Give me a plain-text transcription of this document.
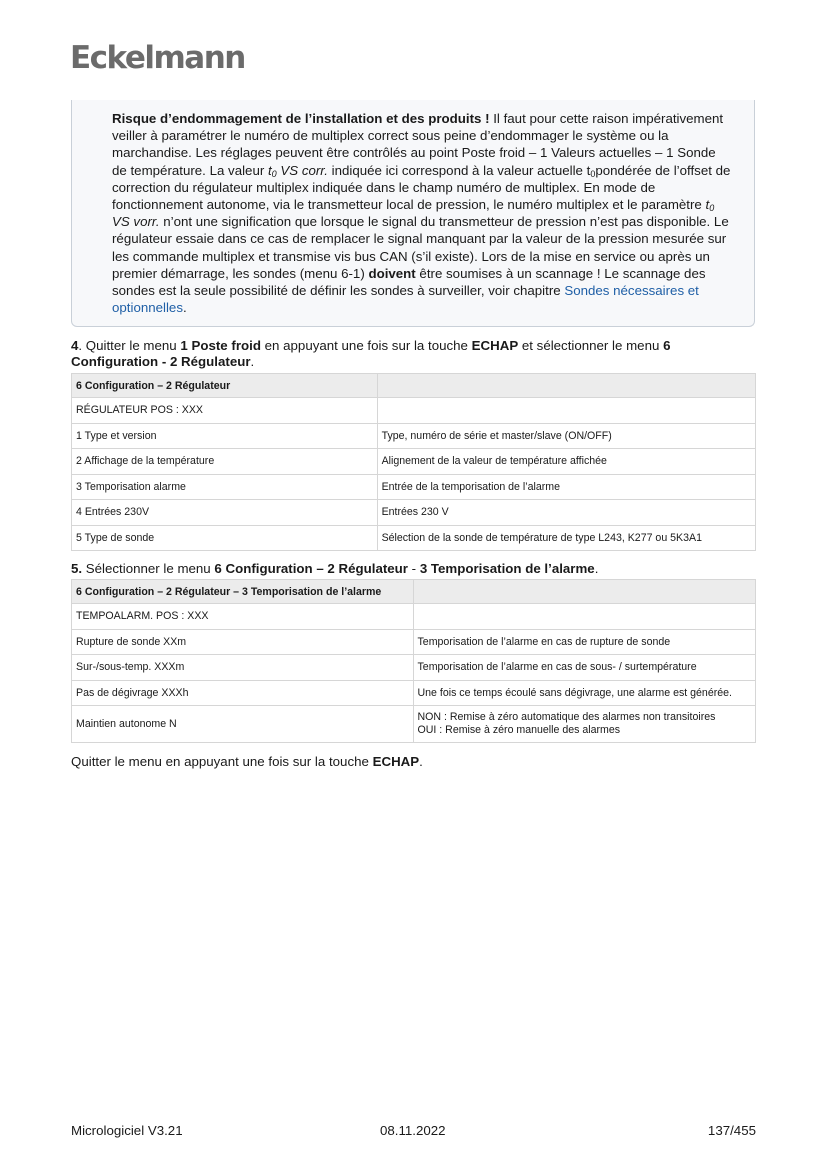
Eckelmann

Risque d’endommagement de l’installation et des produits ! Il faut pour cette raison impérativement veiller à paramétrer le numéro de multiplex correct sous peine d’endommager le système ou la marchandise. Les réglages peuvent être contrôlés au point Poste froid – 1 Valeurs actuelles – 1 Sonde de température. La valeur $t_0$ VS corr. indiquée ici correspond à la valeur actuelle $t_0pondérée$ de l’offset de correction du régulateur multiplex indiquée dans le champ numéro de multiplex. En mode de fonctionnement autonome, via le transmetteur local de pression, le numéro multiplex et le paramètre $t_0$ VS vorr. n’ont une signification que lorsque le signal du transmetteur de pression n’est pas disponible. Le régulateur essaie dans ce cas de remplacer le signal manquant par la valeur de la pression mesurée sur les commande multiplex et transmise vis bus CAN (s’il existe). Lors de la mise en service ou après un premier démarrage, les sondes (menu 6-1) doivent être soumises à un scannage ! Le scannage des sondes est la seule possibilité de définir les sondes à surveiller, voir chapitre Sondes nécessaires et optionnelles.

4. Quitter le menu 1 Poste froid en appuyant une fois sur la touche ECHAP et sélectionner le menu 6 Configuration - 2 Régulateur.
6 Configuration – 2 Régulateur	
RÉGULATEUR POS : XXX	
1 Type et version	Type, numéro de série et master/slave (ON/OFF)
2 Affichage de la température	Alignement de la valeur de température affichée
3 Temporisation alarme	Entrée de la temporisation de l’alarme
4 Entrées 230V	Entrées 230 V
5 Type de sonde	Sélection de la sonde de température de type L243, K277 ou 5K3A1
5. Sélectionner le menu 6 Configuration – 2 Régulateur - 3 Temporisation de l’alarme.
6 Configuration – 2 Régulateur – 3 Temporisation de l’alarme	
TEMPOALARM. POS : XXX	
Rupture de sonde XXm	Temporisation de l’alarme en cas de rupture de sonde
Sur-/sous-temp. XXXm	Temporisation de l’alarme en cas de sous- / surtempérature
Pas de dégivrage XXXh	Une fois ce temps écoulé sans dégivrage, une alarme est générée.
Maintien autonome N	NON : Remise à zéro automatique des alarmes non transitoires
OUI : Remise à zéro manuelle des alarmes
Quitter le menu en appuyant une fois sur la touche ECHAP.
Micrologiciel V3.21	08.11.2022	137/455
